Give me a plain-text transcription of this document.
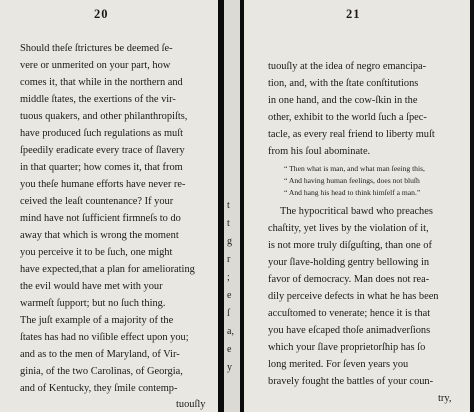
20
Should theſe ſtrictures be deemed ſe-
vere or unmerited on your part, how
comes it, that while in the northern and
middle ſtates, the exertions of the vir-
tuous quakers, and other philanthropiſts,
have produced ſuch regulations as muſt
ſpeedily eradicate every trace of ſlavery
in that quarter; how comes it, that from
you theſe humane efforts have never re-
ceived the leaſt countenance? If your
mind have not ſufficient firmneſs to do
away that which is wrong the moment
you perceive it to be ſuch, one might
have expected,that a plan for ameliorating
the evil would have met with your
warmeſt ſupport; but no ſuch thing.
The juſt example of a majority of the
ſtates has had no viſible effect upon you;
and as to the men of Maryland, of Vir-
ginia, of the two Carolinas, of Georgia,
and of Kentucky, they ſmile contemp-
tuouſly
t
t
g
r
;
e
ſ
a,
e
y
21
tuouſly at the idea of negro emancipa-
tion, and, with the ſtate conſtitutions
in one hand, and the cow-ſkin in the
other, exhibit to the world ſuch a ſpec-
tacle, as every real friend to liberty muſt
from his ſoul abominate.
“ Then what is man, and what man ſeeing this,
“ And having human feelings, does not bluſh
“ And hang his head to think himſelf a man.”
The hypocritical bawd who preaches
chaſtity, yet lives by the violation of it,
is not more truly diſguſting, than one of
your ſlave-holding gentry bellowing in
favor of democracy. Man does not rea-
dily perceive defects in what he has been
accuſtomed to venerate; hence it is that
you have eſcaped thoſe animadverſions
which your ſlave proprietorſhip has ſo
long merited. For ſeven years you
bravely fought the battles of your coun-
try,
